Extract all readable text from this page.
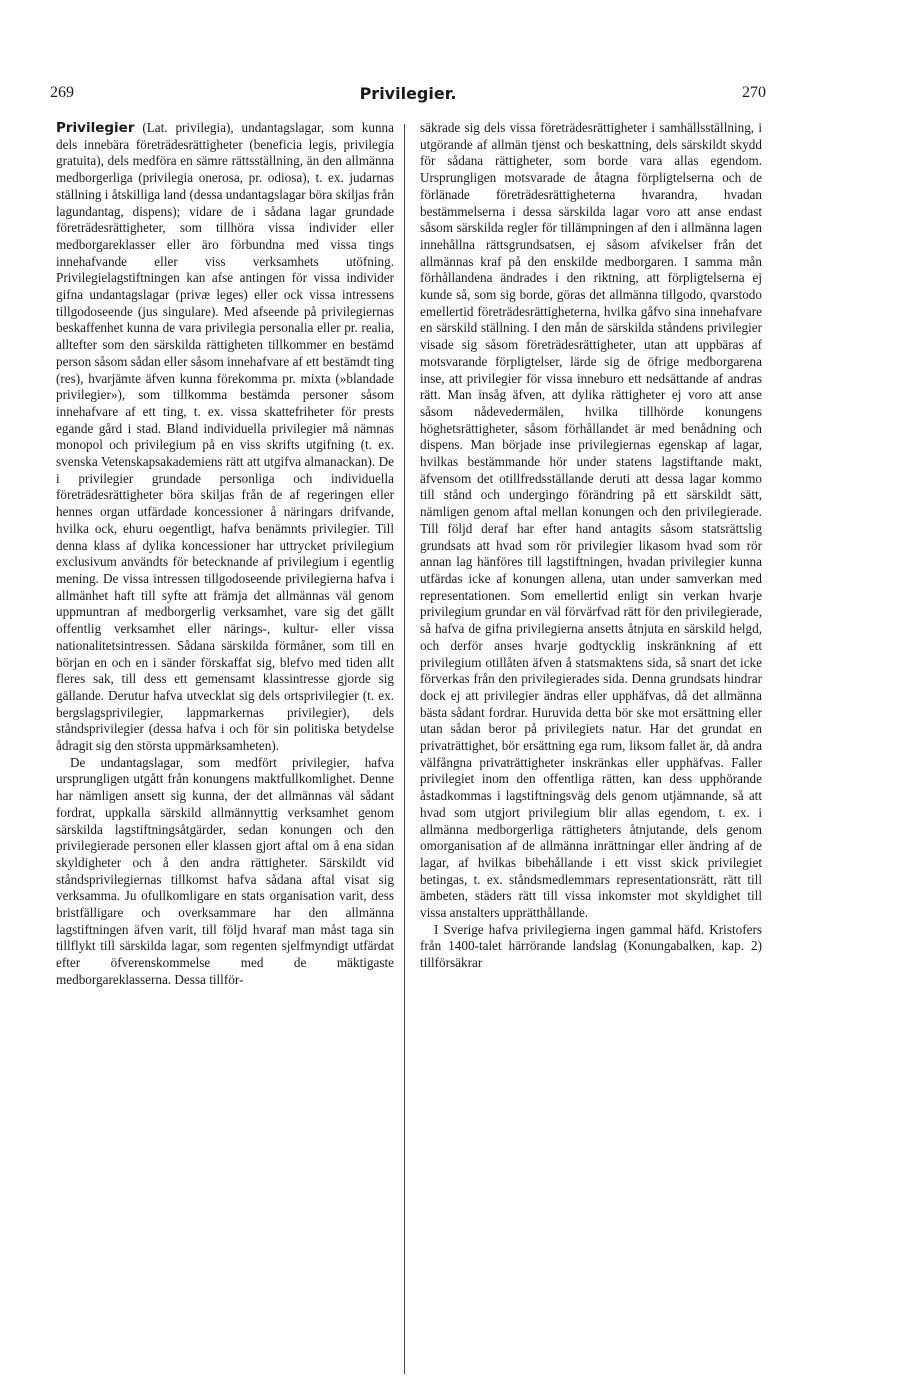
269	Privilegier.	270

Privilegier (Lat. privilegia), undantagslagar, som kunna dels innebära företrädesrättigheter (beneficia legis, privilegia gratuita), dels medföra en sämre rättsställning, än den allmänna medborgerliga (privilegia onerosa, pr. odiosa), t. ex. judarnas ställning i åtskilliga land (dessa undantagslagar böra skiljas från lagundantag, dispens); vidare de i sådana lagar grundade företrädesrättigheter, som tillhöra vissa individer eller medborgareklasser eller äro förbundna med vissa tings innehafvande eller viss verksamhets utöfning. Privilegielagstiftningen kan afse antingen för vissa individer gifna undantagslagar (privæ leges) eller ock vissa intressens tillgodoseende (jus singulare). Med afseende på privilegiernas beskaffenhet kunna de vara privilegia personalia eller pr. realia, alltefter som den särskilda rättigheten tillkommer en bestämd person såsom sådan eller såsom innehafvare af ett bestämdt ting (res), hvarjämte äfven kunna förekomma pr. mixta (»blandade privilegier»), som tillkomma bestämda personer såsom innehafvare af ett ting, t. ex. vissa skattefriheter för prests egande gård i stad. Bland individuella privilegier må nämnas monopol och privilegium på en viss skrifts utgifning (t. ex. svenska Vetenskapsakademiens rätt att utgifva almanackan). De i privilegier grundade personliga och individuella företrädesrättigheter böra skiljas från de af regeringen eller hennes organ utfärdade koncessioner å näringars drifvande, hvilka ock, ehuru oegentligt, hafva benämnts privilegier. Till denna klass af dylika koncessioner har uttrycket privilegium exclusivum användts för betecknande af privilegium i egentlig mening. De vissa intressen tillgodoseende privilegierna hafva i allmänhet haft till syfte att främja det allmännas väl genom uppmuntran af medborgerlig verksamhet, vare sig det gällt offentlig verksamhet eller närings-, kultur- eller vissa nationalitetsintressen. Sådana särskilda förmåner, som till en början en och en i sänder förskaffat sig, blefvo med tiden allt fleres sak, till dess ett gemensamt klassintresse gjorde sig gällande. Derutur hafva utvecklat sig dels ortsprivilegier (t. ex. bergslagsprivilegier, lappmarkernas privilegier), dels ståndsprivilegier (dessa hafva i och för sin politiska betydelse ådragit sig den största uppmärksamheten).

De undantagslagar, som medfört privilegier, hafva ursprungligen utgått från konungens maktfullkomlighet. Denne har nämligen ansett sig kunna, der det allmännas väl sådant fordrat, uppkalla särskild allmännyttig verksamhet genom särskilda lagstiftningsåtgärder, sedan konungen och den privilegierade personen eller klassen gjort aftal om å ena sidan skyldigheter och å den andra rättigheter. Särskildt vid ståndsprivilegiernas tillkomst hafva sådana aftal visat sig verksamma. Ju ofullkomligare en stats organisation varit, dess bristfälligare och overksammare har den allmänna lagstiftningen äfven varit, till följd hvaraf man måst taga sin tillflykt till särskilda lagar, som regenten sjelfmyndigt utfärdat efter öfverenskommelse med de mäktigaste medborgareklasserna. Dessa tillför-

säkrade sig dels vissa företrädesrättigheter i samhällsställning, i utgörande af allmän tjenst och beskattning, dels särskildt skydd för sådana rättigheter, som borde vara allas egendom. Ursprungligen motsvarade de åtagna förpligtelserna och de förlänade företrädesrättigheterna hvarandra, hvadan bestämmelserna i dessa särskilda lagar voro att anse endast såsom särskilda regler för tillämpningen af den i allmänna lagen innehållna rättsgrundsatsen, ej såsom afvikelser från det allmännas kraf på den enskilde medborgaren. I samma mån förhållandena ändrades i den riktning, att förpligtelserna ej kunde så, som sig borde, göras det allmänna tillgodo, qvarstodo emellertid företrädesrättigheterna, hvilka gåfvo sina innehafvare en särskild ställning. I den mån de särskilda ståndens privilegier visade sig såsom företrädesrättigheter, utan att uppbäras af motsvarande förpligtelser, lärde sig de öfrige medborgarena inse, att privilegier för vissa inneburo ett nedsättande af andras rätt. Man insåg äfven, att dylika rättigheter ej voro att anse såsom nådevedermälen, hvilka tillhörde konungens höghetsrättigheter, såsom förhållandet är med benådning och dispens. Man började inse privilegiernas egenskap af lagar, hvilkas bestämmande hör under statens lagstiftande makt, äfvensom det otillfredsställande deruti att dessa lagar kommo till stånd och undergingo förändring på ett särskildt sätt, nämligen genom aftal mellan konungen och den privilegierade. Till följd deraf har efter hand antagits såsom statsrättslig grundsats att hvad som rör privilegier likasom hvad som rör annan lag hänföres till lagstiftningen, hvadan privilegier kunna utfärdas icke af konungen allena, utan under samverkan med representationen. Som emellertid enligt sin verkan hvarje privilegium grundar en väl förvärfvad rätt för den privilegierade, så hafva de gifna privilegierna ansetts åtnjuta en särskild helgd, och derför anses hvarje godtycklig inskränkning af ett privilegium otillåten äfven å statsmaktens sida, så snart det icke förverkas från den privilegierades sida. Denna grundsats hindrar dock ej att privilegier ändras eller upphäfvas, då det allmänna bästa sådant fordrar. Huruvida detta bör ske mot ersättning eller utan sådan beror på privilegiets natur. Har det grundat en privaträttighet, bör ersättning ega rum, liksom fallet är, då andra välfångna privaträttigheter inskränkas eller upphäfvas. Faller privilegiet inom den offentliga rätten, kan dess upphörande åstadkommas i lagstiftningsväg dels genom utjämnande, så att hvad som utgjort privilegium blir allas egendom, t. ex. i allmänna medborgerliga rättigheters åtnjutande, dels genom omorganisation af de allmänna inrättningar eller ändring af de lagar, af hvilkas bibehållande i ett visst skick privilegiet betingas, t. ex. ståndsmedlemmars representationsrätt, rätt till ämbeten, städers rätt till vissa inkomster mot skyldighet till vissa anstalters upprätthållande.

I Sverige hafva privilegierna ingen gammal häfd. Kristofers från 1400-talet härrörande landslag (Konungabalken, kap. 2) tillförsäkrar
